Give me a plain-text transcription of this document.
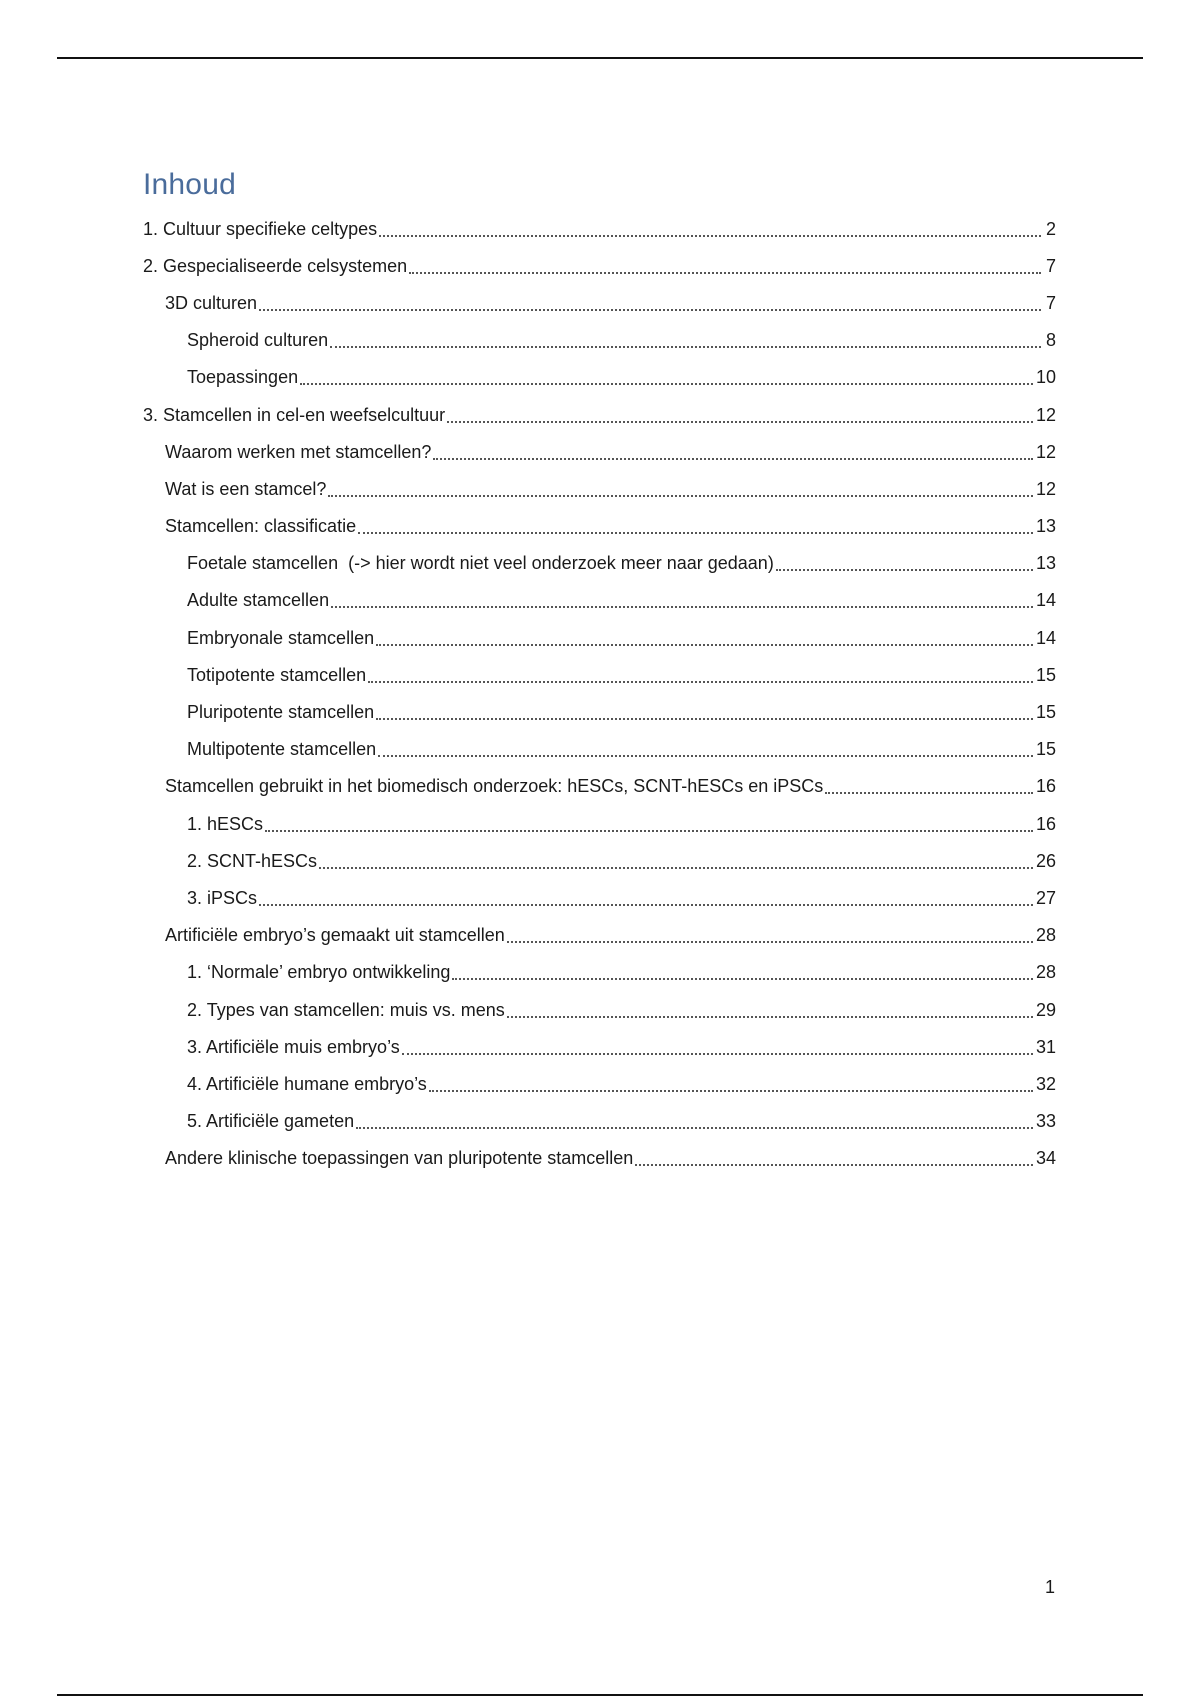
Inhoud
1. Cultuur specifieke celtypes	2
2. Gespecialiseerde celsystemen	7
3D culturen	7
Spheroid culturen	8
Toepassingen	10
3. Stamcellen in cel-en weefselcultuur	12
Waarom werken met stamcellen?	12
Wat is een stamcel?	12
Stamcellen: classificatie	13
Foetale stamcellen  (-> hier wordt niet veel onderzoek meer naar gedaan)	13
Adulte stamcellen	14
Embryonale stamcellen	14
Totipotente stamcellen	15
Pluripotente stamcellen	15
Multipotente stamcellen	15
Stamcellen gebruikt in het biomedisch onderzoek: hESCs, SCNT-hESCs en iPSCs	16
1. hESCs	16
2. SCNT-hESCs	26
3. iPSCs	27
Artificiële embryo’s gemaakt uit stamcellen	28
1. ‘Normale’ embryo ontwikkeling	28
2. Types van stamcellen: muis vs. mens	29
3. Artificiële muis embryo’s	31
4. Artificiële humane embryo’s	32
5. Artificiële gameten	33
Andere klinische toepassingen van pluripotente stamcellen	34
1
